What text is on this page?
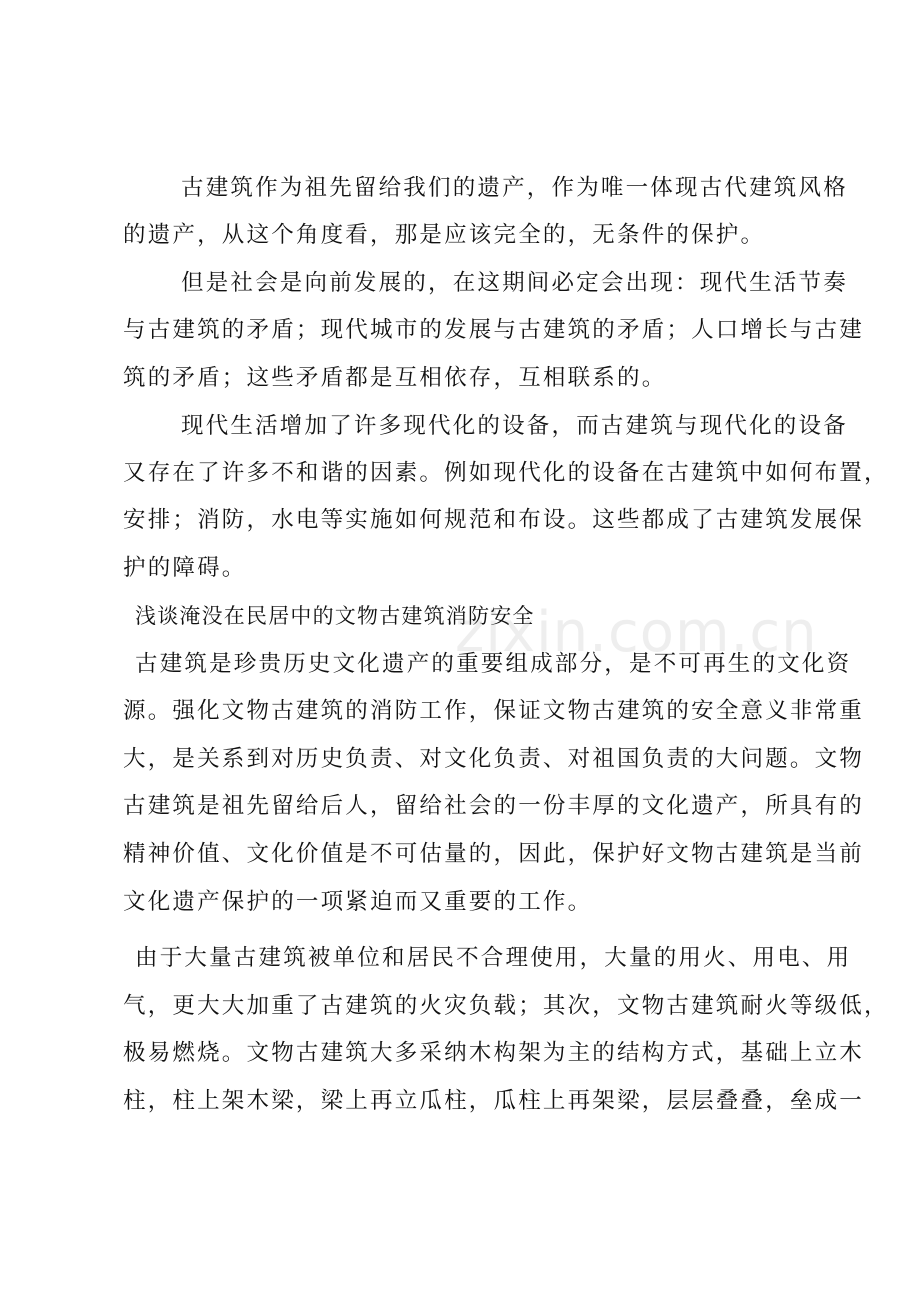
古建筑作为祖先留给我们的遗产，作为唯一体现古代建筑风格
的遗产，从这个角度看，那是应该完全的，无条件的保护。
但是社会是向前发展的，在这期间必定会出现：现代生活节奏
与古建筑的矛盾；现代城市的发展与古建筑的矛盾；人口增长与古建
筑的矛盾；这些矛盾都是互相依存，互相联系的。
现代生活增加了许多现代化的设备，而古建筑与现代化的设备
又存在了许多不和谐的因素。例如现代化的设备在古建筑中如何布置，
安排；消防，水电等实施如何规范和布设。这些都成了古建筑发展保
护的障碍。
浅谈淹没在民居中的文物古建筑消防安全
古建筑是珍贵历史文化遗产的重要组成部分，是不可再生的文化资
源。强化文物古建筑的消防工作，保证文物古建筑的安全意义非常重
大，是关系到对历史负责、对文化负责、对祖国负责的大问题。文物
古建筑是祖先留给后人，留给社会的一份丰厚的文化遗产，所具有的
精神价值、文化价值是不可估量的，因此，保护好文物古建筑是当前
文化遗产保护的一项紧迫而又重要的工作。
由于大量古建筑被单位和居民不合理使用，大量的用火、用电、用
气，更大大加重了古建筑的火灾负载；其次，文物古建筑耐火等级低，
极易燃烧。文物古建筑大多采纳木构架为主的结构方式，基础上立木
柱，柱上架木梁，梁上再立瓜柱，瓜柱上再架梁，层层叠叠，垒成一
zixin.com.cn
